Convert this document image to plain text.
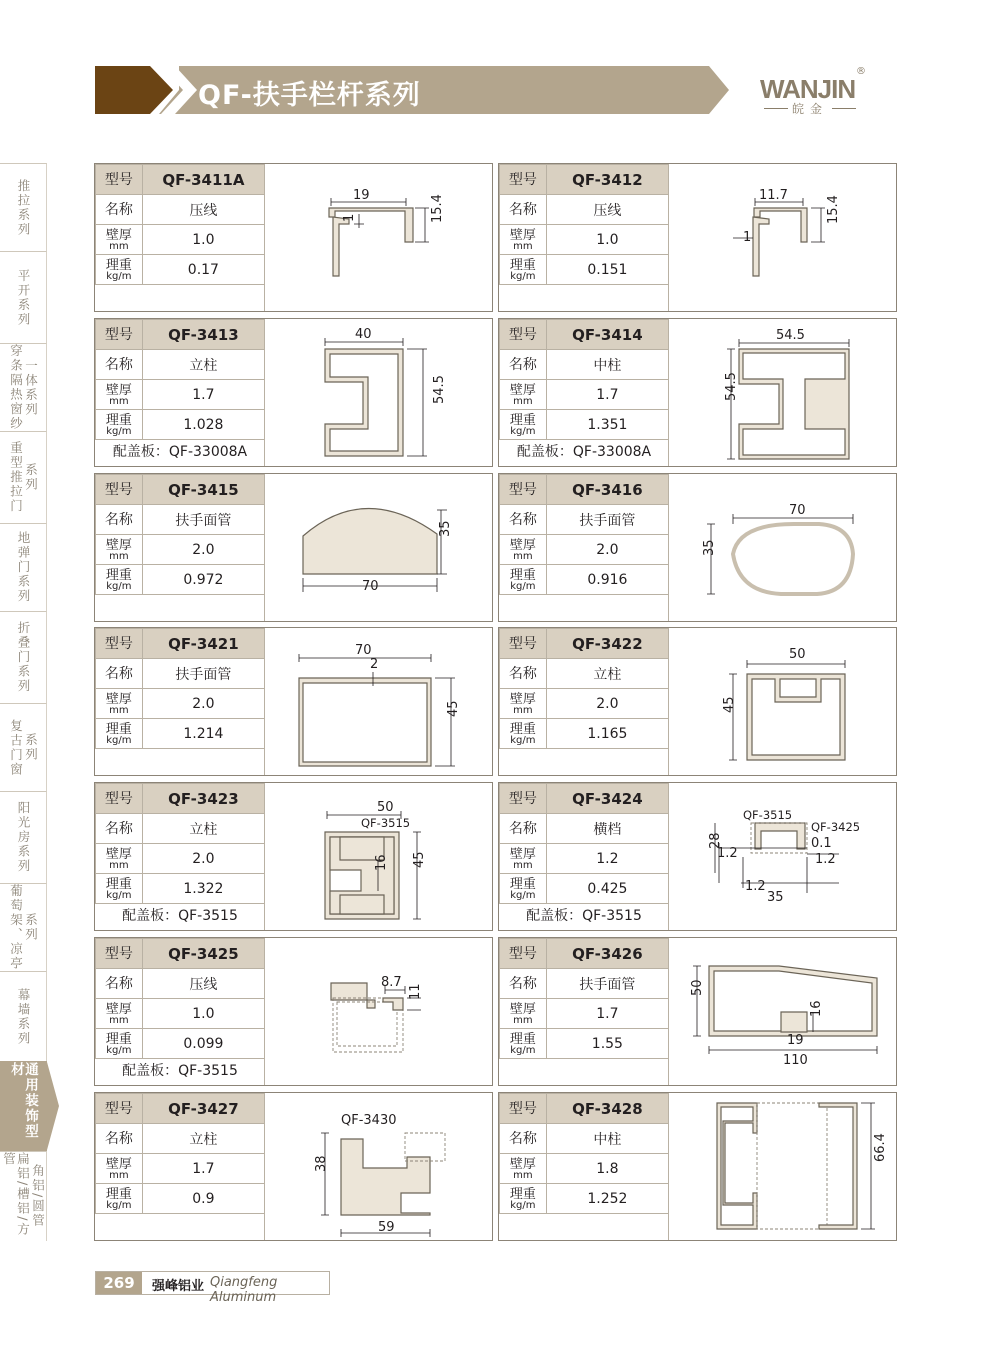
QF-扶手栏杆系列	WANJIN
®
皖金
推拉系列
平开系列
穿条隔热窗纱 一体系列
重型推拉门 系列
地弹门系列
折叠门系列
复古门窗 系列
阳光房系列
葡萄架、凉亭 系列
幕墙系列
通用装饰型材
扁铝/槽铝/方管
角铝/圆管
型号	QF-3411A
名称	压线

壁厚
mm	1.0

理重
kg/m	0.17
19
1	15.4
型号	QF-3412
名称	压线

壁厚
mm	1.0

理重
kg/m	0.151
11.7
1
15.4
型号	QF-3413
名称	立柱

壁厚
mm	1.7

理重
kg/m	1.028
配盖板：QF-33008A
40
54.5
型号	QF-3414
名称	中柱

壁厚
mm	1.7

理重
kg/m	1.351
配盖板：QF-33008A
54.5
54.5
型号	QF-3415
名称	扶手面管

壁厚
mm	2.0

理重
kg/m	0.972
35
70
型号	QF-3416
名称	扶手面管

壁厚
mm	2.0

理重
kg/m	0.916
70
35
型号	QF-3421
名称	扶手面管

壁厚
mm	2.0

理重
kg/m	1.214
70
2
45
型号	QF-3422
名称	立柱

壁厚
mm	2.0

理重
kg/m	1.165
50
45
型号	QF-3423
名称	立柱

壁厚
mm	2.0

理重
kg/m	1.322
配盖板：QF-3515
50
QF-3515
45
16
型号	QF-3424
名称	横档

壁厚
mm	1.2

理重
kg/m	0.425
配盖板：QF-3515
QF-3515
QF-3425
28
1.2
0.1
1.2
1.2
35
型号	QF-3425
名称	压线

壁厚
mm	1.0

理重
kg/m	0.099
配盖板：QF-3515
8.7
11
型号	QF-3426
名称	扶手面管

壁厚
mm	1.7

理重
kg/m	1.55
50
16
19
110
型号	QF-3427
名称	立柱

壁厚
mm	1.7

理重
kg/m	0.9
QF-3430
38
59
型号	QF-3428
名称	中柱

壁厚
mm	1.8

理重
kg/m	1.252
66.4
269	强峰铝业 Qiangfeng Aluminum
